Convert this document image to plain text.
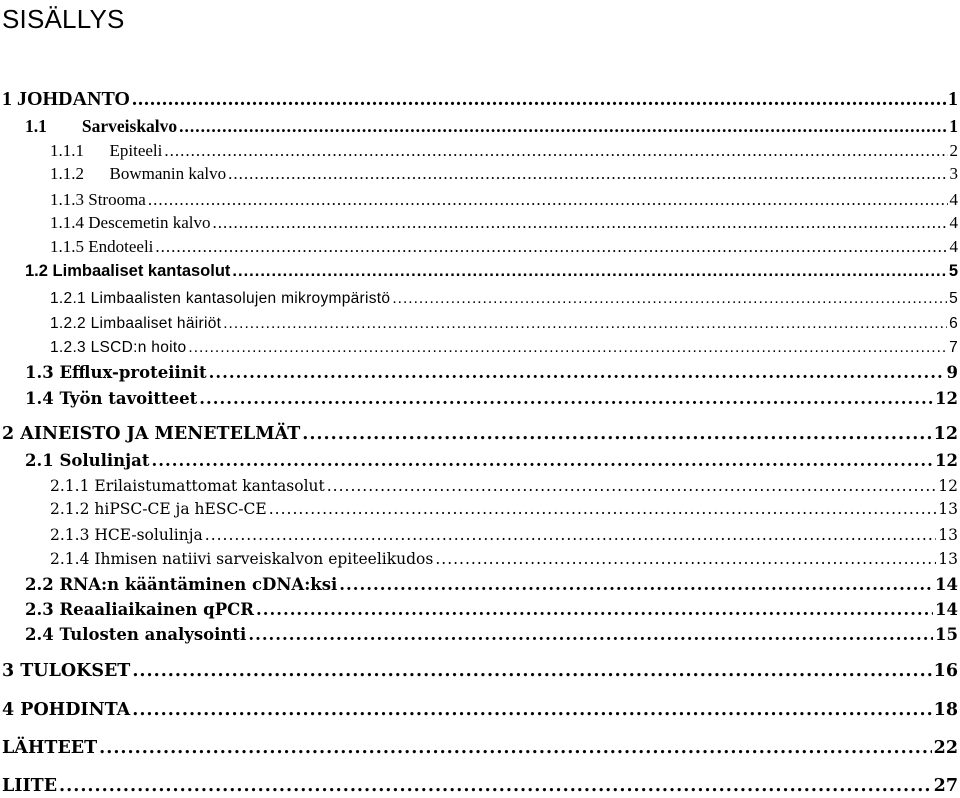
SISÄLLYS
1 JOHDANTO .....	1
1.1 Sarveiskalvo .....	1
1.1.1 Epiteeli .....	2
1.1.2 Bowmanin kalvo .....	3
1.1.3 Strooma .....	4
1.1.4 Descemetin kalvo .....	4
1.1.5 Endoteeli .....	4
1.2 Limbaaliset kantasolut .....	5
1.2.1 Limbaalisten kantasolujen mikroympäristö .....	5
1.2.2 Limbaaliset häiriöt .....	6
1.2.3 LSCD:n hoito .....	7
1.3 Efflux-proteiinit .....	9
1.4 Työn tavoitteet .....	12
2 AINEISTO JA MENETELMÄT .....	12
2.1 Solulinjat .....	12
2.1.1 Erilaistumattomat kantasolut .....	12
2.1.2 hiPSC-CE ja hESC-CE .....	13
2.1.3 HCE-solulinja .....	13
2.1.4 Ihmisen natiivi sarveiskalvon epiteelikudos .....	13
2.2 RNA:n kääntäminen cDNA:ksi .....	14
2.3 Reaaliaikainen qPCR .....	14
2.4 Tulosten analysointi .....	15
3 TULOKSET .....	16
4 POHDINTA .....	18
LÄHTEET .....	22
LIITE .....	27
